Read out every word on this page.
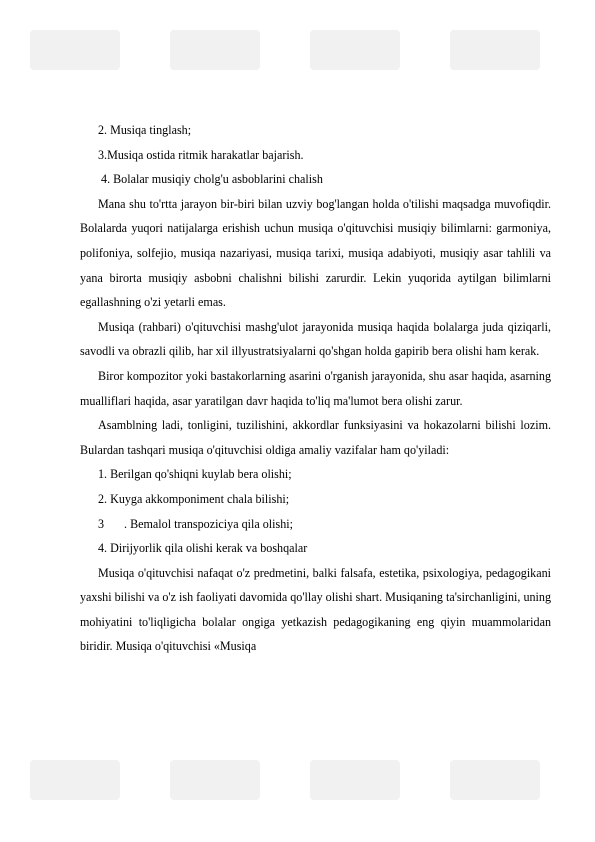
2. Musiqa tinglash;

3.Musiqa ostida ritmik harakatlar bajarish.

4. Bolalar musiqiy cholg'u asboblarini chalish

Mana shu to'rtta jarayon bir-biri bilan uzviy bog'langan holda o'tilishi maqsadga muvofiqdir. Bolalarda yuqori natijalarga erishish uchun musiqa o'qituvchisi musiqiy bilimlarni: garmoniya, polifoniya, solfejio, musiqa nazariyasi, musiqa tarixi, musiqa adabiyoti, musiqiy asar tahlili va yana birorta musiqiy asbobni chalishni bilishi zarurdir. Lekin yuqorida aytilgan bilimlarni egallashning o'zi yetarli emas.

Musiqa (rahbari) o'qituvchisi mashg'ulot jarayonida musiqa haqida bolalarga juda qiziqarli, savodli va obrazli qilib, har xil illyustratsiyalarni qo'shgan holda gapirib bera olishi ham kerak.

Biror kompozitor yoki bastakorlarning asarini o'rganish jarayonida, shu asar haqida, asarning mualliflari haqida, asar yaratilgan davr haqida to'liq ma'lumot bera olishi zarur.

Asamblning ladi, tonligini, tuzilishini, akkordlar funksiyasini va hokazolarni bilishi lozim. Bulardan tashqari musiqa o'qituvchisi oldiga amaliy vazifalar ham qo'yiladi:

1. Berilgan qo'shiqni kuylab bera olishi;

2. Kuyga akkomponiment chala bilishi;

3 . Bemalol transpoziciya qila olishi;

4. Dirijyorlik qila olishi kerak va boshqalar

Musiqa o'qituvchisi nafaqat o'z predmetini, balki falsafa, estetika, psixologiya, pedagogikani yaxshi bilishi va o'z ish faoliyati davomida qo'llay olishi shart. Musiqaning ta'sirchanligini, uning mohiyatini to'liqligicha bolalar ongiga yetkazish pedagogikaning eng qiyin muammolaridan biridir. Musiqa o'qituvchisi «Musiqa
